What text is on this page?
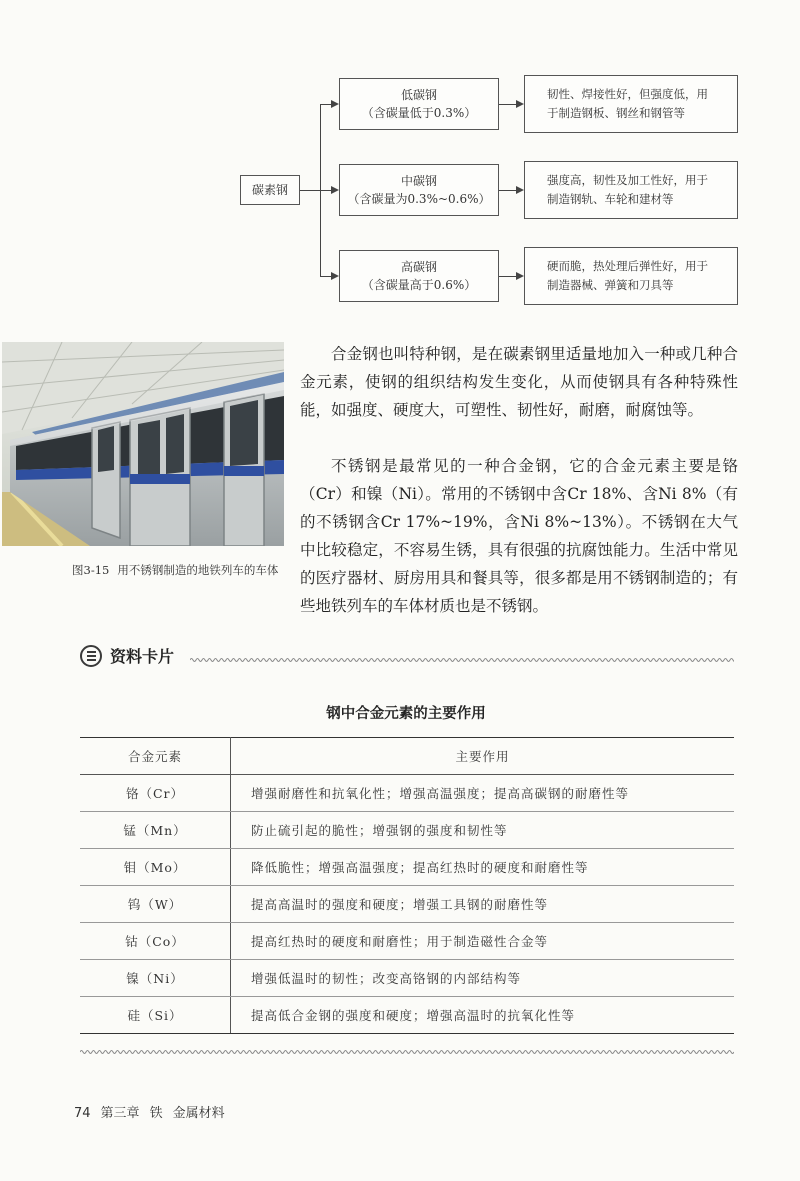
碳素钢
低碳钢
（含碳量低于0.3%）
韧性、焊接性好，但强度低，用
于制造钢板、钢丝和钢管等
中碳钢
（含碳量为0.3%~0.6%）
强度高，韧性及加工性好，用于
制造钢轨、车轮和建材等
高碳钢
（含碳量高于0.6%）
硬而脆，热处理后弹性好，用于
制造器械、弹簧和刀具等
图3-15 用不锈钢制造的地铁列车的车体

合金钢也叫特种钢，是在碳素钢里适量地加入一种或几种合金元素，使钢的组织结构发生变化，从而使钢具有各种特殊性能，如强度、硬度大，可塑性、韧性好，耐磨，耐腐蚀等。

不锈钢是最常见的一种合金钢，它的合金元素主要是铬（Cr）和镍（Ni）。常用的不锈钢中含Cr 18%、含Ni 8%（有的不锈钢含Cr 17%~19%，含Ni 8%~13%）。不锈钢在大气中比较稳定，不容易生锈，具有很强的抗腐蚀能力。生活中常见的医疗器材、厨房用具和餐具等，很多都是用不锈钢制造的；有些地铁列车的车体材质也是不锈钢。

资料卡片
钢中合金元素的主要作用
合金元素	主要作用
铬（Cr）	增强耐磨性和抗氧化性；增强高温强度；提高高碳钢的耐磨性等
锰（Mn）	防止硫引起的脆性；增强钢的强度和韧性等
钼（Mo）	降低脆性；增强高温强度；提高红热时的硬度和耐磨性等
钨（W）	提高高温时的强度和硬度；增强工具钢的耐磨性等
钴（Co）	提高红热时的硬度和耐磨性；用于制造磁性合金等
镍（Ni）	增强低温时的韧性；改变高铬钢的内部结构等
硅（Si）	提高低合金钢的强度和硬度；增强高温时的抗氧化性等
74 第三章 铁 金属材料
